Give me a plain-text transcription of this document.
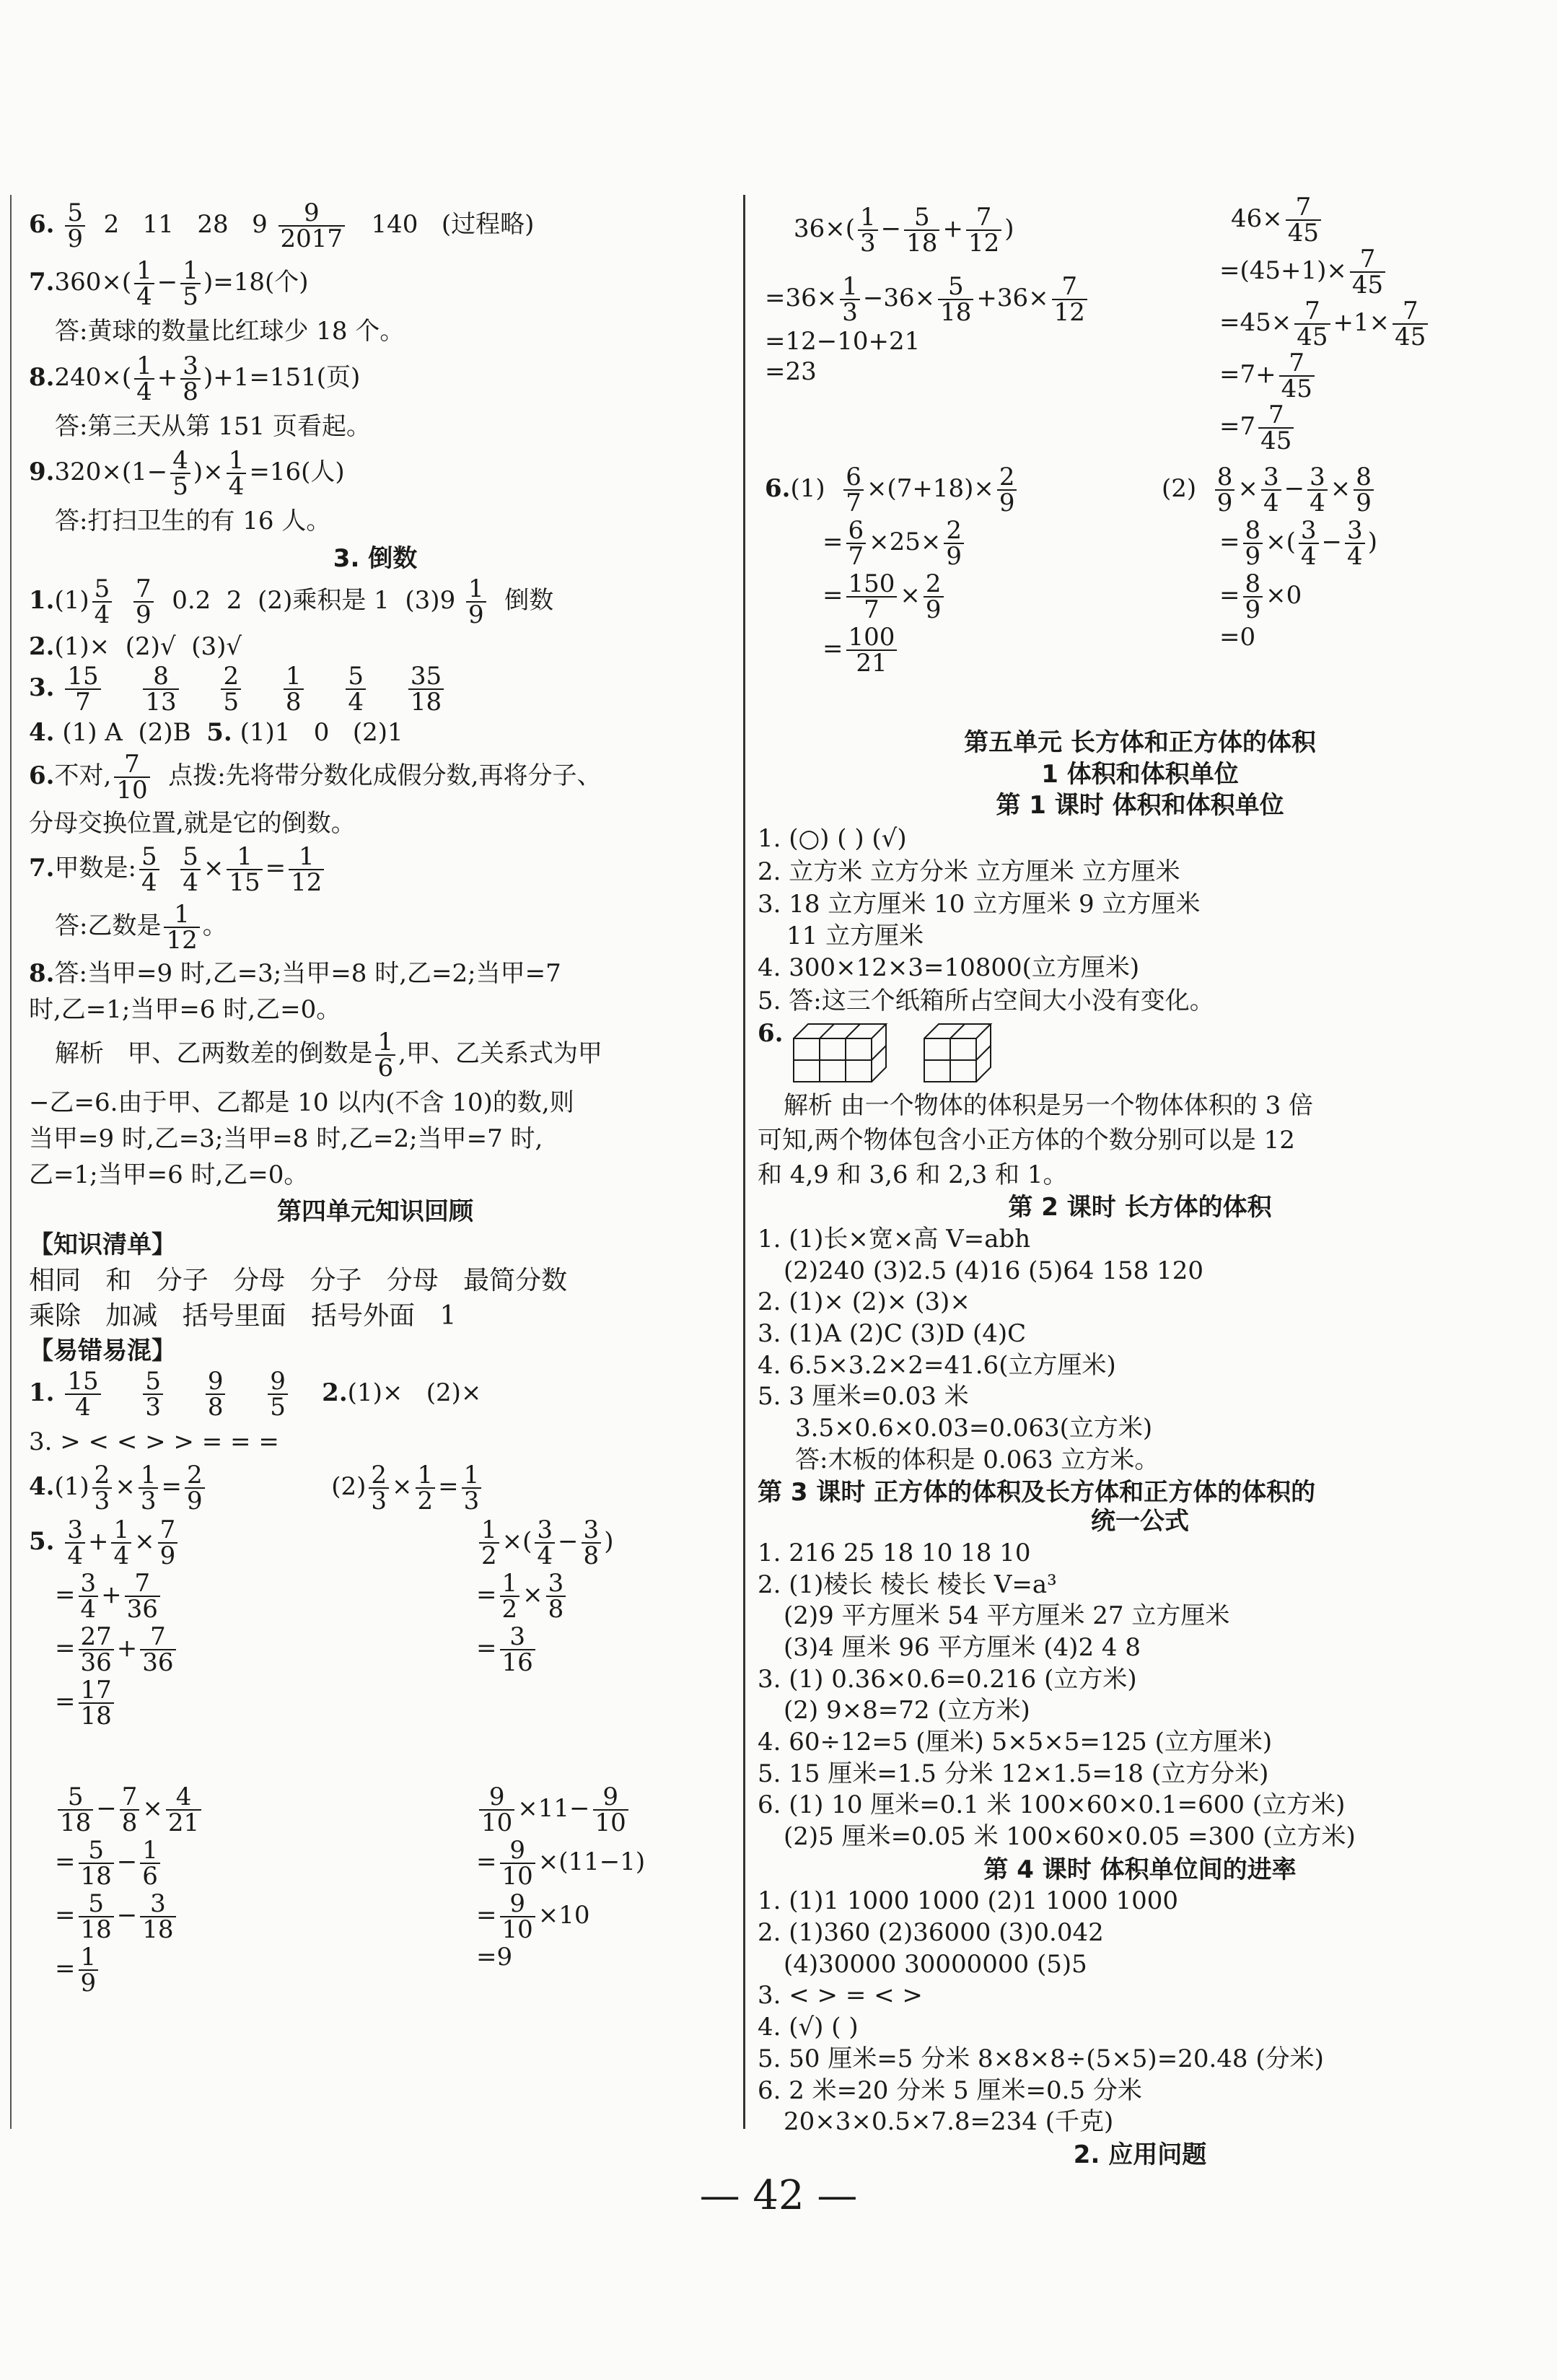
6. $\frac{5}{9} 2$ 11 28 $9 \frac{9}{2017} 140$ (过程略)

$7.360\times( \frac{1}{4} - \frac{1}{5} )=18$(个)

答:黄球的数量比红球少 18 个。

$8.240\times( \frac{1}{4} + \frac{3}{8} )+1=151$(页)

答:第三天从第 151 页看起。

$9.320\times(1- \frac{4}{5}$ )× $\frac{1}{4} =16$(人)

答:打扫卫生的有 16 人。

3. 倒数

$1.(1) \frac{5}{4}$
$\frac{7}{9} 0.2$ 2 (2)乘积是 1 $(3)9 \frac{1}{9}$ 倒数

2.(1)× (2)√ (3)√

3. $\frac{15}{7}$
$\frac{8}{13}$
$\frac{2}{5}$
$\frac{1}{8}$
$\frac{5}{4}$
$\frac{35}{18}$

4. (1) A (2)B 5. (1)1 0 (2)1

6.不对, $\frac{7}{10}$ 点拨:先将带分数化成假分数,再将分子、

分母交换位置,就是它的倒数。

7.甲数是: $\frac{5}{4}$
$\frac{5}{4} \times \frac{1}{15} = \frac{1}{12}$

答:乙数是 $\frac{1}{12}$ 。

8.答:当甲=9 时,乙=3;当甲=8 时,乙=2;当甲=7

时,乙=1;当甲=6 时,乙=0。

解析 甲、乙两数差的倒数是 $\frac{1}{6}$ ,甲、乙关系式为甲

−乙=6.由于甲、乙都是 10 以内(不含 10)的数,则

当甲=9 时,乙=3;当甲=8 时,乙=2;当甲=7 时,

乙=1;当甲=6 时,乙=0。

第四单元知识回顾

【知识清单】

相同 和 分子 分母 分子 分母 最简分数

乘除 加减 括号里面 括号外面 1

【易错易混】

1. $\frac{15}{4}$
$\frac{5}{3}$
$\frac{9}{8}$
$\frac{9}{5} 2.(1)\times (2)\times$

3. > < < > > = = =

$4.(1) \frac{2}{3} \times \frac{1}{3} = \frac{2}{9}$	$(2) \frac{2}{3} \times \frac{1}{2} = \frac{1}{3}$

5. $\frac{3}{4} + \frac{1}{4} \times \frac{7}{9}$

= $\frac{3}{4} + \frac{7}{36}$

= $\frac{27}{36} + \frac{7}{36}$

= $\frac{17}{18}$

$\frac{1}{2}$ ×( $\frac{3}{4} - \frac{3}{8}$ )

= $\frac{1}{2} \times \frac{3}{8}$

= $\frac{3}{16}$

$\frac{5}{18} - \frac{7}{8} \times \frac{4}{21}$

= $\frac{5}{18} - \frac{1}{6}$

= $\frac{5}{18} - \frac{3}{18}$

= $\frac{1}{9}$

$\frac{9}{10} \times 11- \frac{9}{10}$

= $\frac{9}{10} \times(11-1)$

= $\frac{9}{10} \times 10$

=9

$36\times( \frac{1}{3} - \frac{5}{18} + \frac{7}{12}$ )

$=36\times \frac{1}{3} -36\times \frac{5}{18} +36\times \frac{7}{12}$

=12−10+21

=23

$46\times \frac{7}{45}$

$=(45+1)\times \frac{7}{45}$

$=45\times \frac{7}{45} +1\times \frac{7}{45}$

$=7+ \frac{7}{45}$

$=7 \frac{7}{45}$

$6.(1) \frac{6}{7} \times(7+18)\times \frac{2}{9}$

= $\frac{6}{7} \times 25\times \frac{2}{9}$

= $\frac{150}{7} \times \frac{2}{9}$

= $\frac{100}{21}$

$(2) \frac{8}{9} \times \frac{3}{4} - \frac{3}{4} \times \frac{8}{9}$

= $\frac{8}{9}$ ×( $\frac{3}{4} - \frac{3}{4}$ )

= $\frac{8}{9} \times 0$

=0

第五单元 长方体和正方体的体积

1 体积和体积单位

第 1 课时 体积和体积单位

1. (○) ( ) (√)

2. 立方米 立方分米 立方厘米 立方厘米

3. 18 立方厘米 10 立方厘米 9 立方厘米

11 立方厘米

4. 300×12×3=10800(立方厘米)

5. 答:这三个纸箱所占空间大小没有变化。

6.

解析 由一个物体的体积是另一个物体体积的 3 倍

可知,两个物体包含小正方体的个数分别可以是 12

和 4,9 和 3,6 和 2,3 和 1。

第 2 课时 长方体的体积

1. (1)长×宽×高 V=abh

(2)240 (3)2.5 (4)16 (5)64 158 120

2. (1)× (2)× (3)×

3. (1)A (2)C (3)D (4)C

4. 6.5×3.2×2=41.6(立方厘米)

5. 3 厘米=0.03 米

3.5×0.6×0.03=0.063(立方米)

答:木板的体积是 0.063 立方米。

第 3 课时 正方体的体积及长方体和正方体的体积的

统一公式

1. 216 25 18 10 18 10

2. (1)棱长 棱长 棱长 V=a³

(2)9 平方厘米 54 平方厘米 27 立方厘米

(3)4 厘米 96 平方厘米 (4)2 4 8

3. (1) 0.36×0.6=0.216 (立方米)

(2) 9×8=72 (立方米)

4. 60÷12=5 (厘米) 5×5×5=125 (立方厘米)

5. 15 厘米=1.5 分米 12×1.5=18 (立方分米)

6. (1) 10 厘米=0.1 米 100×60×0.1=600 (立方米)

(2)5 厘米=0.05 米 100×60×0.05 =300 (立方米)

第 4 课时 体积单位间的进率

1. (1)1 1000 1000 (2)1 1000 1000

2. (1)360 (2)36000 (3)0.042

(4)30000 30000000 (5)5

3. < > = < >

4. (√) ( )

5. 50 厘米=5 分米 8×8×8÷(5×5)=20.48 (分米)

6. 2 米=20 分米 5 厘米=0.5 分米

20×3×0.5×7.8=234 (千克)

2. 应用问题

— 42 —
